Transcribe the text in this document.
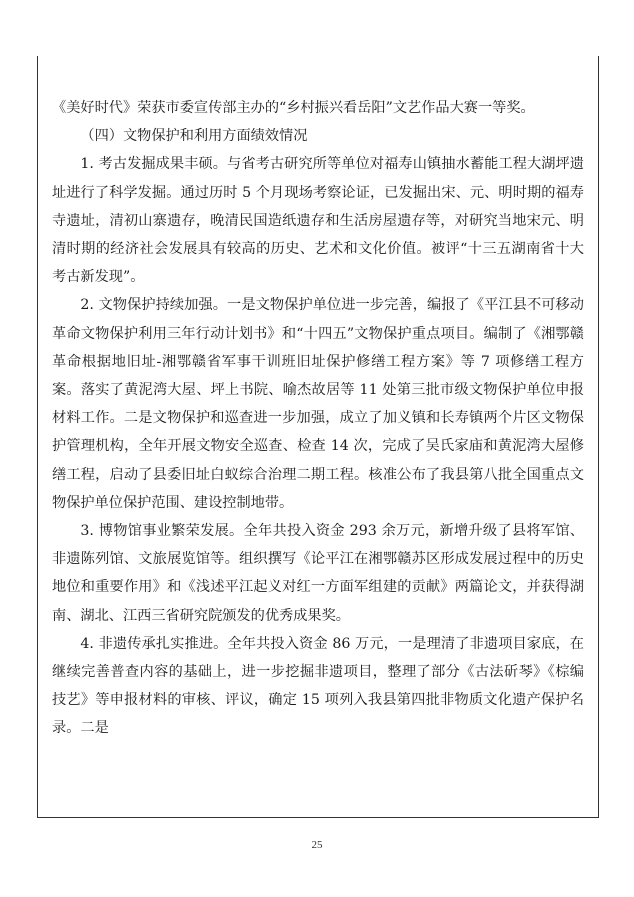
《美好时代》荣获市委宣传部主办的“乡村振兴看岳阳”文艺作品大赛一等奖。

（四）文物保护和利用方面绩效情况

1. 考古发掘成果丰硕。与省考古研究所等单位对福寿山镇抽水蓄能工程大湖坪遗址进行了科学发掘。通过历时 5 个月现场考察论证，已发掘出宋、元、明时期的福寿寺遗址，清初山寨遗存，晚清民国造纸遗存和生活房屋遗存等，对研究当地宋元、明清时期的经济社会发展具有较高的历史、艺术和文化价值。被评“十三五湖南省十大考古新发现”。

2. 文物保护持续加强。一是文物保护单位进一步完善，编报了《平江县不可移动革命文物保护利用三年行动计划书》和“十四五”文物保护重点项目。编制了《湘鄂赣革命根据地旧址-湘鄂赣省军事干训班旧址保护修缮工程方案》等 7 项修缮工程方案。落实了黄泥湾大屋、坪上书院、喻杰故居等 11 处第三批市级文物保护单位申报材料工作。二是文物保护和巡查进一步加强，成立了加义镇和长寿镇两个片区文物保护管理机构，全年开展文物安全巡查、检查 14 次，完成了吴氏家庙和黄泥湾大屋修缮工程，启动了县委旧址白蚁综合治理二期工程。核准公布了我县第八批全国重点文物保护单位保护范围、建设控制地带。

3. 博物馆事业繁荣发展。全年共投入资金 293 余万元，新增升级了县将军馆、非遗陈列馆、文旅展览馆等。组织撰写《论平江在湘鄂赣苏区形成发展过程中的历史地位和重要作用》和《浅述平江起义对红一方面军组建的贡献》两篇论文，并获得湖南、湖北、江西三省研究院颁发的优秀成果奖。

4. 非遗传承扎实推进。全年共投入资金 86 万元，一是理清了非遗项目家底，在继续完善普查内容的基础上，进一步挖掘非遗项目，整理了部分《古法斫琴》《棕编技艺》等申报材料的审核、评议，确定 15 项列入我县第四批非物质文化遗产保护名录。二是

25
